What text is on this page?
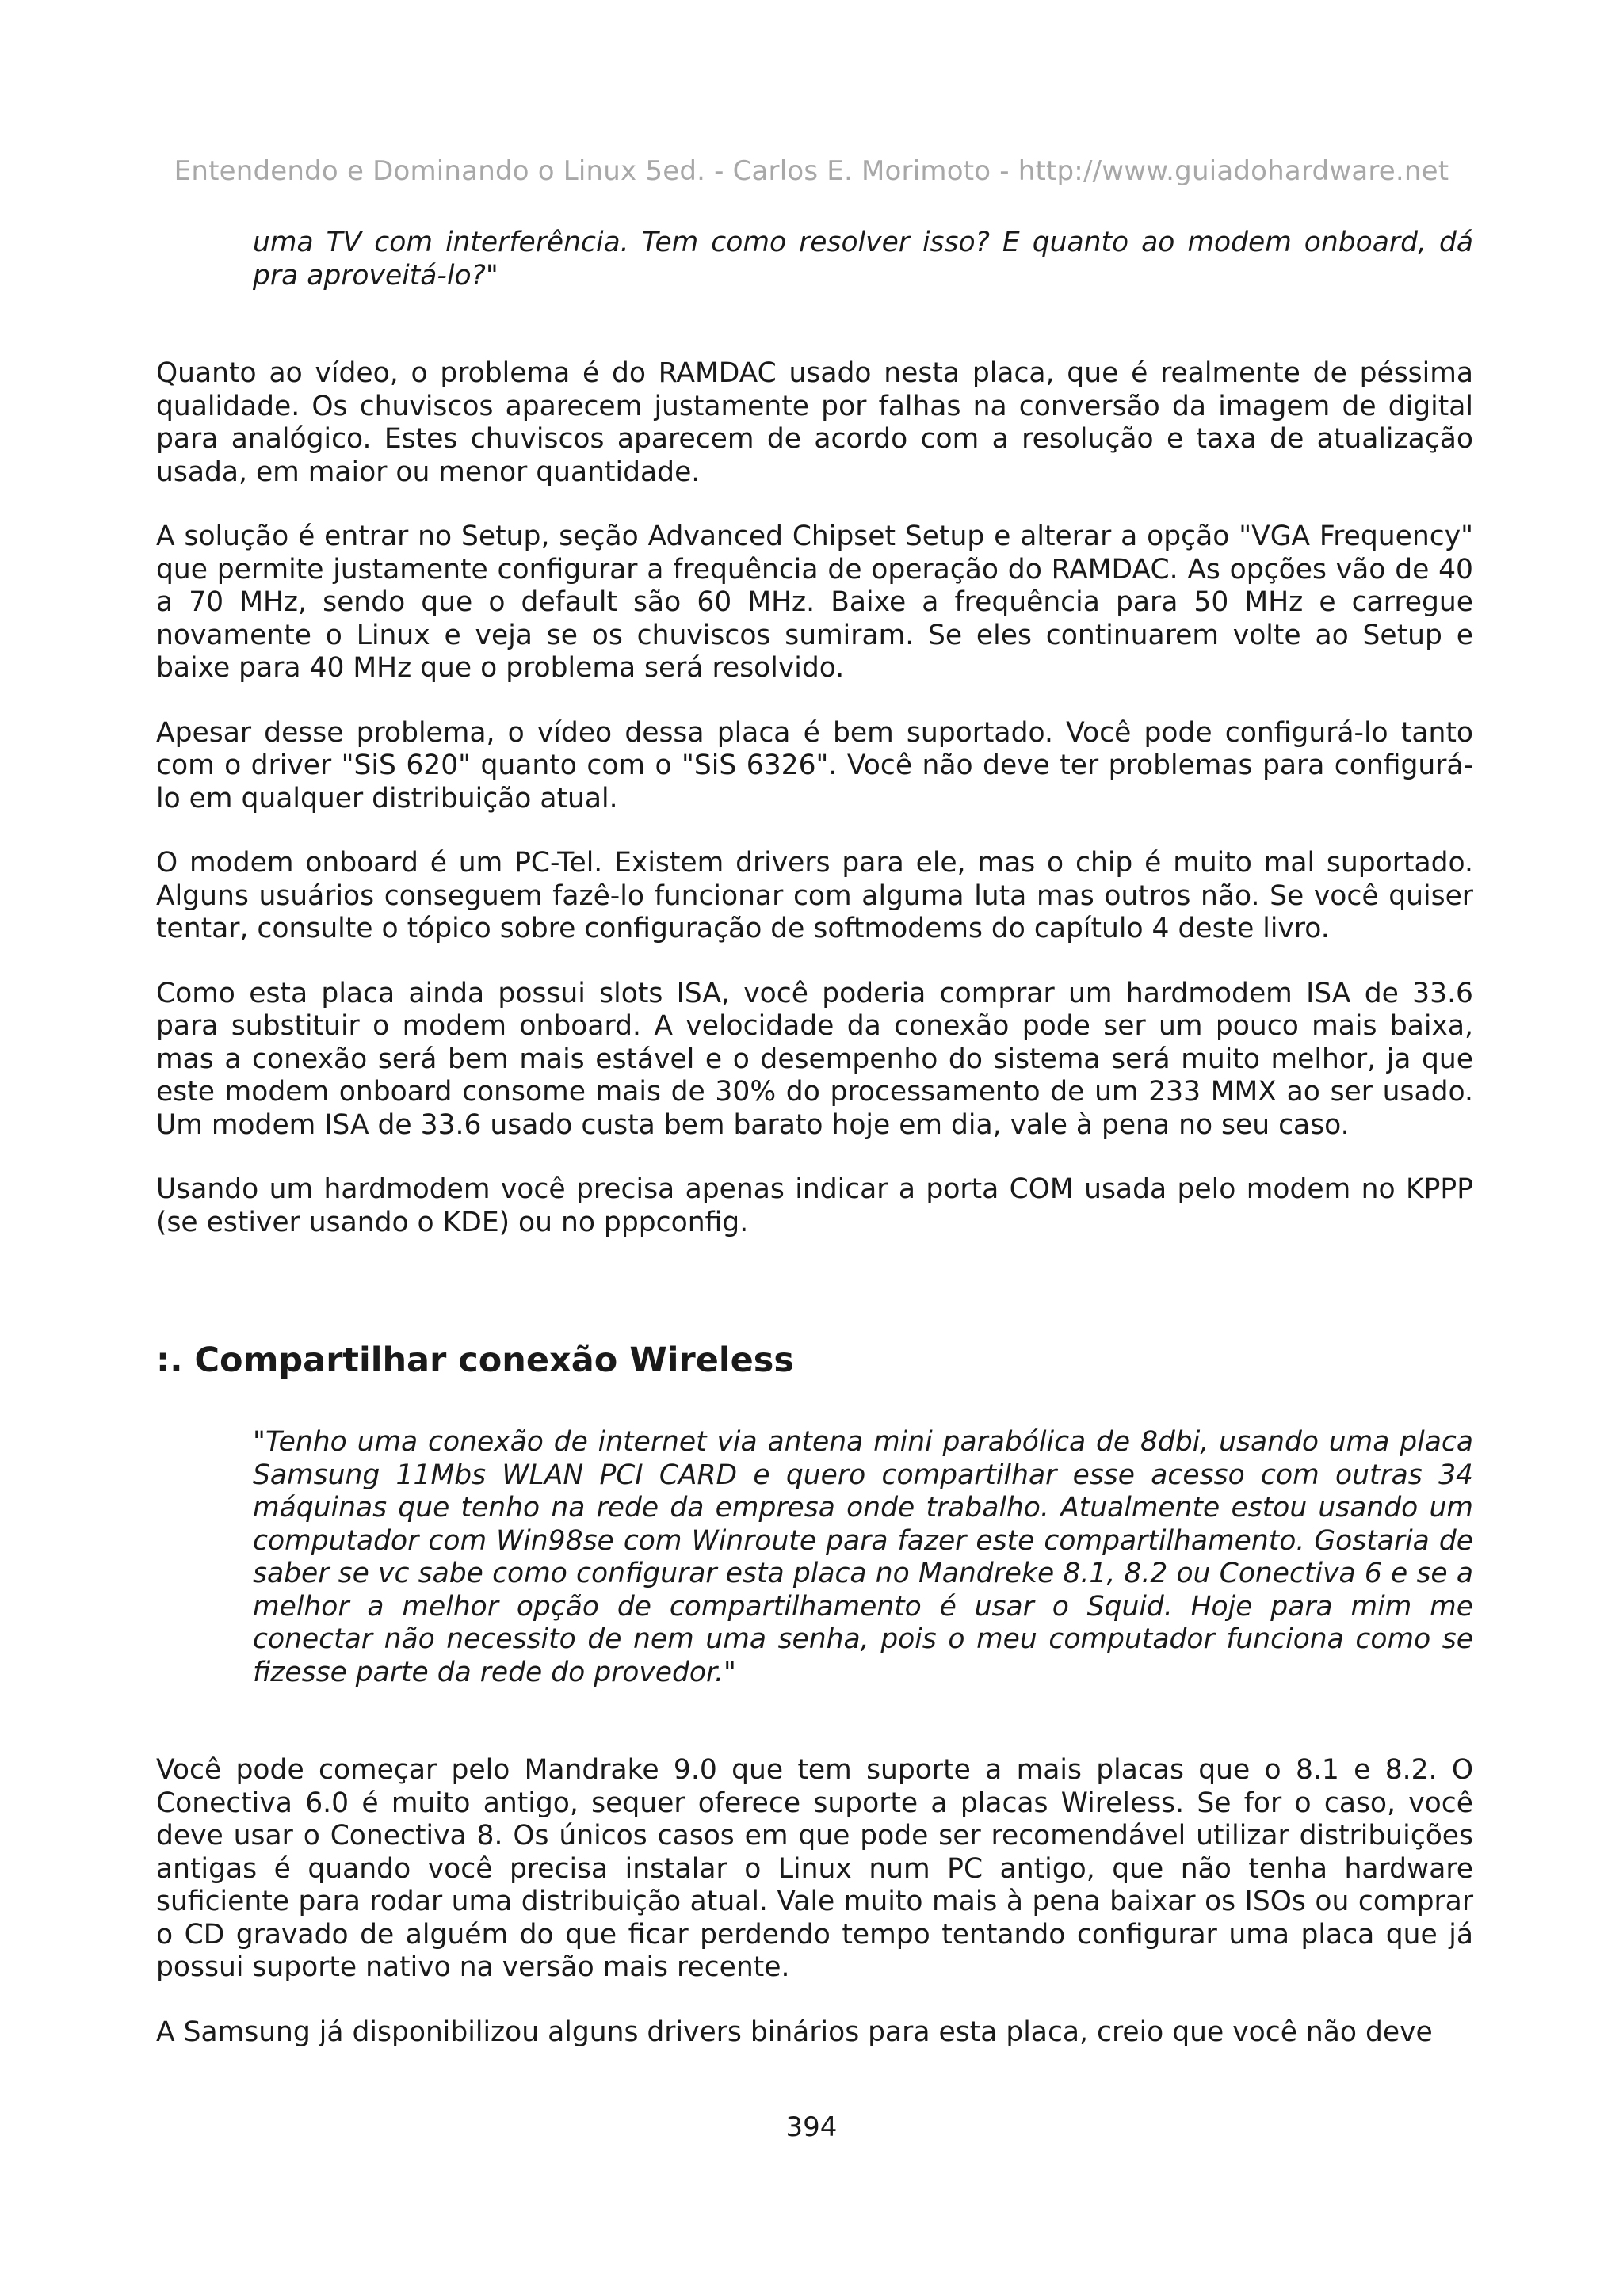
Entendendo e Dominando o Linux 5ed. - Carlos E. Morimoto - http://www.guiadohardware.net

uma TV com interferência. Tem como resolver isso? E quanto ao modem onboard, dá pra aproveitá-lo?"

Quanto ao vídeo, o problema é do RAMDAC usado nesta placa, que é realmente de péssima qualidade. Os chuviscos aparecem justamente por falhas na conversão da imagem de digital para analógico. Estes chuviscos aparecem de acordo com a resolução e taxa de atualização usada, em maior ou menor quantidade.

A solução é entrar no Setup, seção Advanced Chipset Setup e alterar a opção "VGA Frequency" que permite justamente configurar a frequência de operação do RAMDAC. As opções vão de 40 a 70 MHz, sendo que o default são 60 MHz. Baixe a frequência para 50 MHz e carregue novamente o Linux e veja se os chuviscos sumiram. Se eles continuarem volte ao Setup e baixe para 40 MHz que o problema será resolvido.

Apesar desse problema, o vídeo dessa placa é bem suportado. Você pode configurá-lo tanto com o driver "SiS 620" quanto com o "SiS 6326". Você não deve ter problemas para configurá-lo em qualquer distribuição atual.

O modem onboard é um PC-Tel. Existem drivers para ele, mas o chip é muito mal suportado. Alguns usuários conseguem fazê-lo funcionar com alguma luta mas outros não. Se você quiser tentar, consulte o tópico sobre configuração de softmodems do capítulo 4 deste livro.

Como esta placa ainda possui slots ISA, você poderia comprar um hardmodem ISA de 33.6 para substituir o modem onboard. A velocidade da conexão pode ser um pouco mais baixa, mas a conexão será bem mais estável e o desempenho do sistema será muito melhor, ja que este modem onboard consome mais de 30% do processamento de um 233 MMX ao ser usado. Um modem ISA de 33.6 usado custa bem barato hoje em dia, vale à pena no seu caso.

Usando um hardmodem você precisa apenas indicar a porta COM usada pelo modem no KPPP (se estiver usando o KDE) ou no pppconfig.

:. Compartilhar conexão Wireless

"Tenho uma conexão de internet via antena mini parabólica de 8dbi, usando uma placa Samsung 11Mbs WLAN PCI CARD e quero compartilhar esse acesso com outras 34 máquinas que tenho na rede da empresa onde trabalho. Atualmente estou usando um computador com Win98se com Winroute para fazer este compartilhamento. Gostaria de saber se vc sabe como configurar esta placa no Mandreke 8.1, 8.2 ou Conectiva 6 e se a melhor a melhor opção de compartilhamento é usar o Squid. Hoje para mim me conectar não necessito de nem uma senha, pois o meu computador funciona como se fizesse parte da rede do provedor."

Você pode começar pelo Mandrake 9.0 que tem suporte a mais placas que o 8.1 e 8.2. O Conectiva 6.0 é muito antigo, sequer oferece suporte a placas Wireless. Se for o caso, você deve usar o Conectiva 8. Os únicos casos em que pode ser recomendável utilizar distribuições antigas é quando você precisa instalar o Linux num PC antigo, que não tenha hardware suficiente para rodar uma distribuição atual. Vale muito mais à pena baixar os ISOs ou comprar o CD gravado de alguém do que ficar perdendo tempo tentando configurar uma placa que já possui suporte nativo na versão mais recente.

A Samsung já disponibilizou alguns drivers binários para esta placa, creio que você não deve

394
